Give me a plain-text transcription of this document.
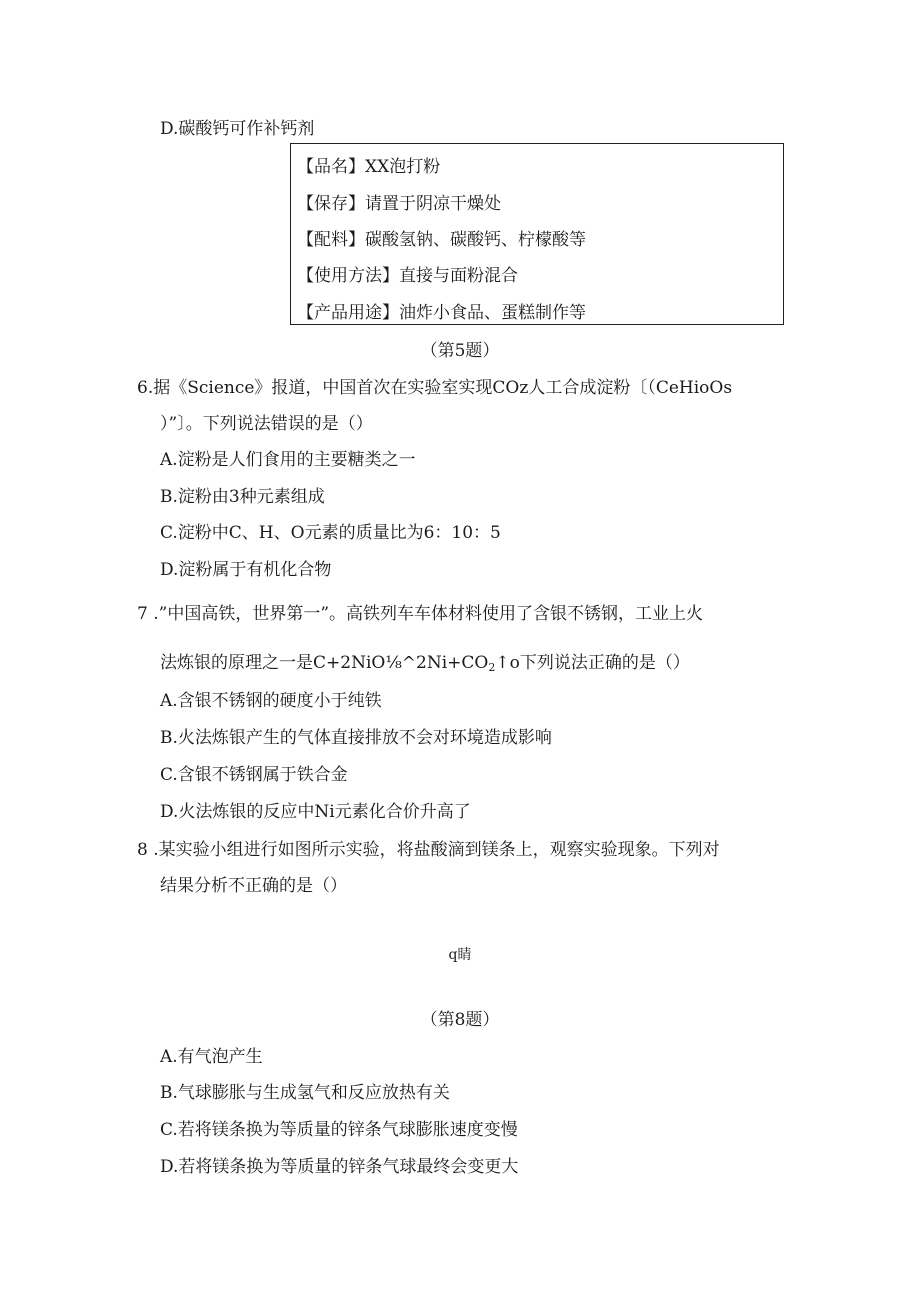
D.碳酸钙可作补钙剂
【品名】XX泡打粉
【保存】请置于阴凉干燥处
【配料】碳酸氢钠、碳酸钙、柠檬酸等
【使用方法】直接与面粉混合
【产品用途】油炸小食品、蛋糕制作等
（第5题）
6.据《Science》报道，中国首次在实验室实现COz人工合成淀粉〔（CeHioOs
）”〕。下列说法错误的是（）
A.淀粉是人们食用的主要糖类之一
B.淀粉由3种元素组成
C.淀粉中C、H、O元素的质量比为6：10：5
D.淀粉属于有机化合物
7 .”中国高铁，世界第一”。高铁列车车体材料使用了含银不锈钢，工业上火
法炼银的原理之一是$C+2NiO\frac{1}{8}\^{}2Ni+CO_2↑o$下列说法正确的是（）
A.含银不锈钢的硬度小于纯铁
B.火法炼银产生的气体直接排放不会对环境造成影响
C.含银不锈钢属于铁合金
D.火法炼银的反应中Ni元素化合价升高了
8 .某实验小组进行如图所示实验，将盐酸滴到镁条上，观察实验现象。下列对
结果分析不正确的是（）
q睛
（第8题）
A.有气泡产生
B.气球膨胀与生成氢气和反应放热有关
C.若将镁条换为等质量的锌条气球膨胀速度变慢
D.若将镁条换为等质量的锌条气球最终会变更大
